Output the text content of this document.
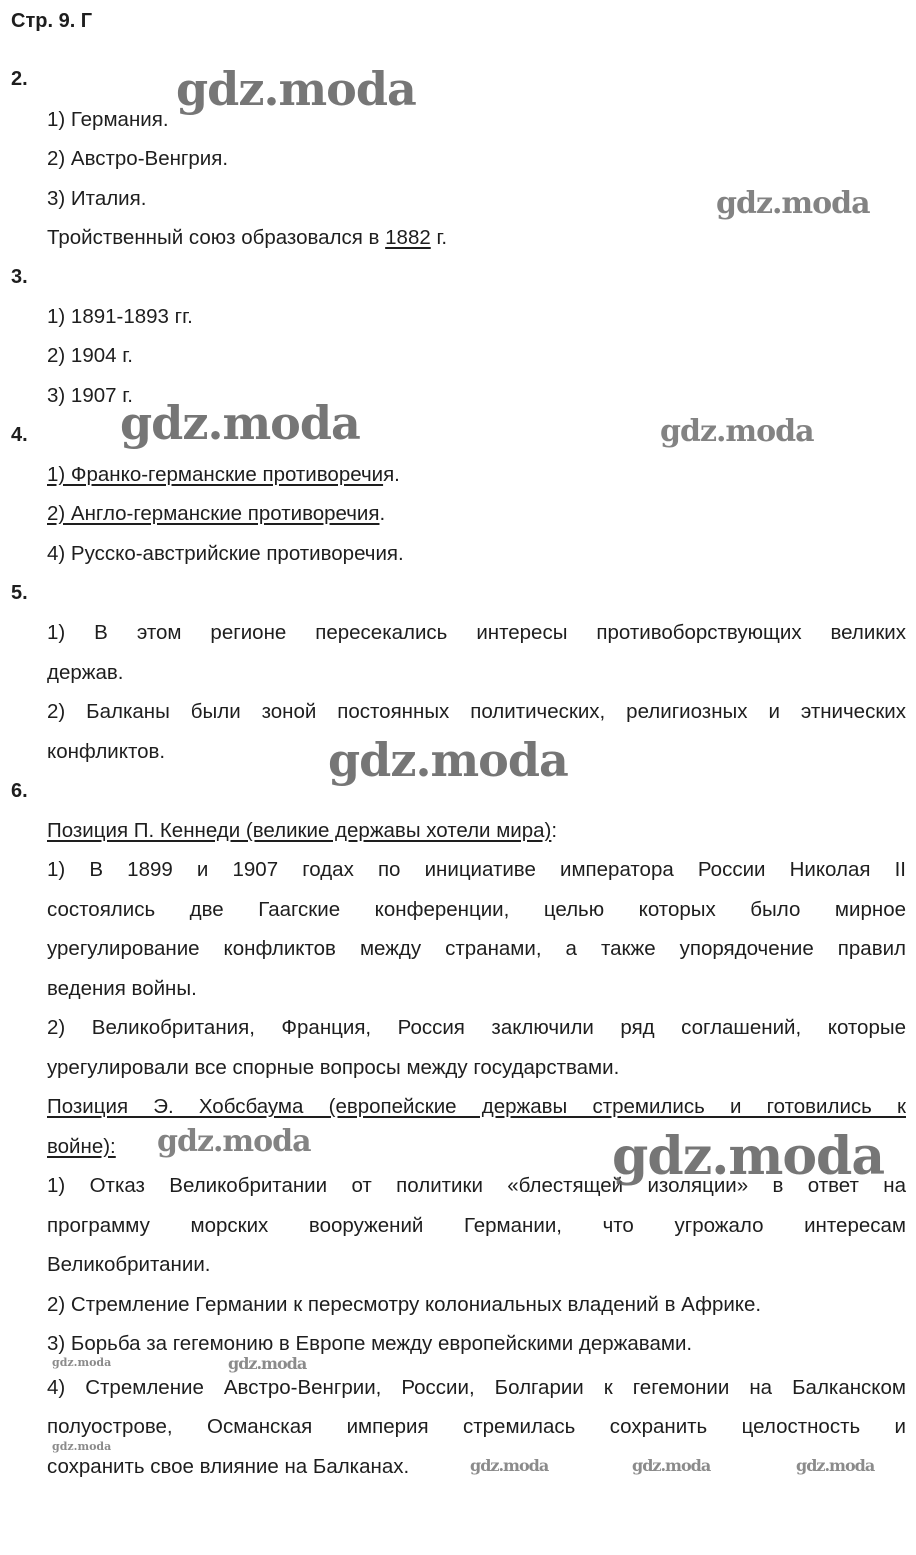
Стр. 9. Г
2.
1) Германия.
2) Австро-Венгрия.
3) Италия.
Тройственный союз образовался в 1882 г.
3.
1) 1891-1893 гг.
2) 1904 г.
3) 1907 г.
4.
1) Франко-германские противоречия.
2) Англо-германские противоречия.
4) Русско-австрийские противоречия.
5.
1) В этом регионе пересекались интересы противоборствующих великих
держав.
2) Балканы были зоной постоянных политических, религиозных и этнических
конфликтов.
6.
Позиция П. Кеннеди (великие державы хотели мира):
1) В 1899 и 1907 годах по инициативе императора России Николая II
состоялись две Гаагские конференции, целью которых было мирное
урегулирование конфликтов между странами, а также упорядочение правил
ведения войны.
2) Великобритания, Франция, Россия заключили ряд соглашений, которые
урегулировали все спорные вопросы между государствами.
Позиция Э. Хобсбаума (европейские державы стремились и готовились к
войне):
1) Отказ Великобритании от политики «блестящей изоляции» в ответ на
программу морских вооружений Германии, что угрожало интересам
Великобритании.
2) Стремление Германии к пересмотру колониальных владений в Африке.
3) Борьба за гегемонию в Европе между европейскими державами.
4) Стремление Австро-Венгрии, России, Болгарии к гегемонии на Балканском
полуострове, Османская империя стремилась сохранить целостность и
сохранить свое влияние на Балканах.
gdz.moda
gdz.moda
gdz.moda	gdz.moda
gdz.moda
gdz.moda	gdz.moda
gdz.moda	gdz.moda
gdz.moda
gdz.moda	gdz.moda	gdz.moda
